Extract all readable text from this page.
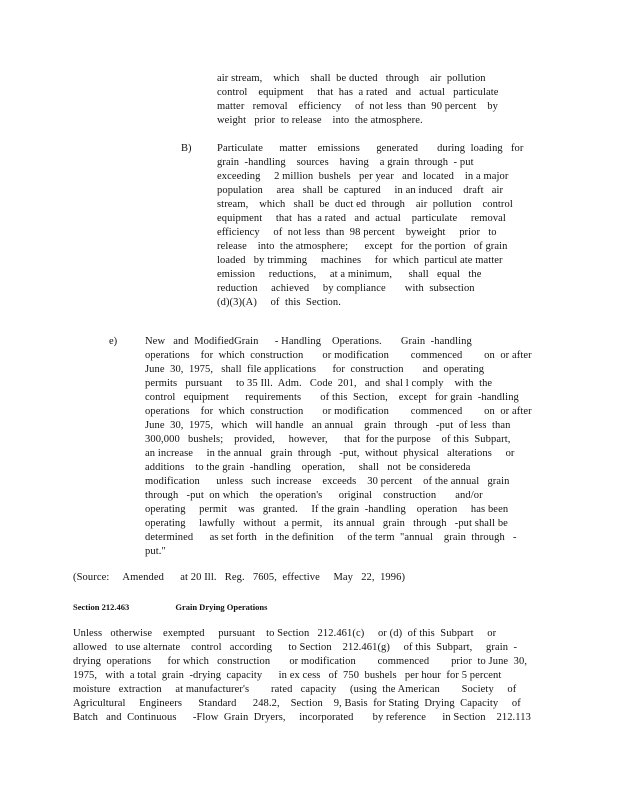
air stream,    which    shall  be ducted   through    air  pollution
control    equipment     that  has  a rated   and   actual   particulate
matter   removal    efficiency     of  not less  than  90 percent    by
weight   prior  to release    into  the atmosphere.
B) Particulate      matter    emissions      generated       during  loading   for
grain  -handling    sources    having    a grain  through  - put
exceeding     2 million  bushels   per year   and  located    in a major
population     area   shall  be  captured     in an induced    draft   air
stream,    which   shall  be  duct ed  through    air  pollution    control
equipment     that  has  a rated   and  actual    particulate     removal
efficiency     of  not less  than  98 percent    byweight     prior   to
release    into  the atmosphere;      except   for  the portion   of grain
loaded   by trimming     machines     for  which  particul ate matter
emission     reductions,     at a minimum,      shall   equal   the
reduction     achieved     by compliance       with  subsection
(d)(3)(A)     of  this  Section.
e)	New   and  ModifiedGrain      - Handling    Operations.       Grain  -handling
operations    for  which  construction       or modification        commenced        on  or after
June  30,  1975,   shall  file applications      for  construction       and  operating
permits   pursuant     to 35 Ill.  Adm.   Code  201,   and  shal l comply    with  the
control   equipment      requirements       of this  Section,    except   for grain  -handling
operations    for  which  construction       or modification        commenced        on  or after
June  30,  1975,   which   will handle   an annual    grain   through   -put  of less  than
300,000   bushels;    provided,     however,      that  for the purpose    of this  Subpart,
an increase     in the annual   grain  through   -put,  without  physical   alterations     or
additions    to the grain  -handling    operation,     shall   not  be considereda
modification      unless   such  increase    exceeds    30 percent    of the annual   grain
through   -put  on which    the operation's      original    construction       and/or
operating     permit    was   granted.     If the grain  -handling    operation     has been
operating     lawfully   without   a permit,    its annual   grain   through   -put shall be
determined      as set forth   in the definition     of the term  "annual    grain  through   -
put."
(Source:     Amended      at 20 Ill.   Reg.   7605,  effective     May   22,  1996)
Section 212.463	Grain Drying Operations
Unless   otherwise    exempted     pursuant    to Section   212.461(c)     or (d)  of this  Subpart     or
allowed   to use alternate    control   according      to Section    212.461(g)     of this  Subpart,     grain  -
drying  operations      for which   construction       or modification        commenced        prior  to June  30,
1975,   with  a total  grain  -drying  capacity      in ex cess   of  750  bushels   per hour  for 5 percent
moisture   extraction     at manufacturer's        rated   capacity     (using  the American        Society     of
Agricultural     Engineers      Standard      248.2,    Section    9, Basis  for Stating  Drying  Capacity     of
Batch   and  Continuous      -Flow  Grain  Dryers,     incorporated       by reference      in Section    212.113
